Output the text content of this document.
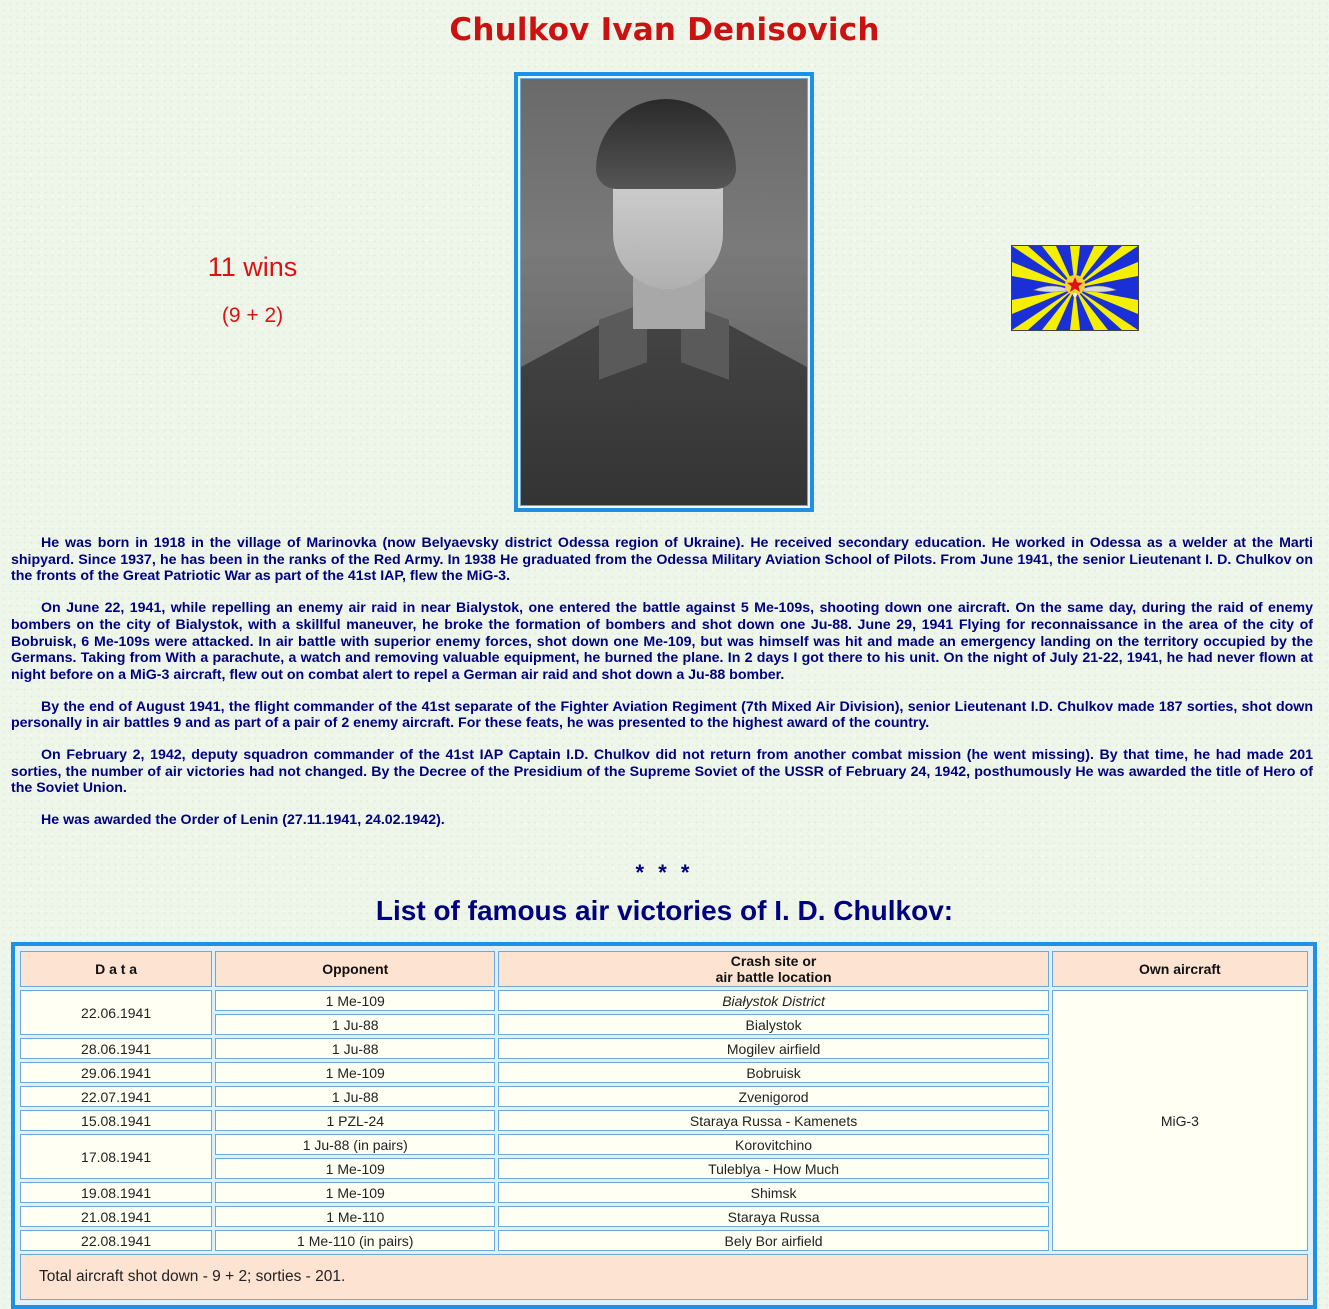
Chulkov Ivan Denisovich
11 wins
(9 + 2)

He was born in 1918 in the village of Marinovka (now Belyaevsky district Odessa region of Ukraine). He received secondary education. He worked in Odessa as a welder at the Marti shipyard. Since 1937, he has been in the ranks of the Red Army. In 1938 He graduated from the Odessa Military Aviation School of Pilots. From June 1941, the senior Lieutenant I. D. Chulkov on the fronts of the Great Patriotic War as part of the 41st IAP, flew the MiG-3.

On June 22, 1941, while repelling an enemy air raid in near Bialystok, one entered the battle against 5 Me-109s, shooting down one aircraft. On the same day, during the raid of enemy bombers on the city of Bialystok, with a skillful maneuver, he broke the formation of bombers and shot down one Ju-88. June 29, 1941 Flying for reconnaissance in the area of the city of Bobruisk, 6 Me-109s were attacked. In air battle with superior enemy forces, shot down one Me-109, but was himself was hit and made an emergency landing on the territory occupied by the Germans. Taking from With a parachute, a watch and removing valuable equipment, he burned the plane. In 2 days I got there to his unit. On the night of July 21-22, 1941, he had never flown at night before on a MiG-3 aircraft, flew out on combat alert to repel a German air raid and shot down a Ju-88 bomber.

By the end of August 1941, the flight commander of the 41st separate of the Fighter Aviation Regiment (7th Mixed Air Division), senior Lieutenant I.D. Chulkov made 187 sorties, shot down personally in air battles 9 and as part of a pair of 2 enemy aircraft. For these feats, he was presented to the highest award of the country.

On February 2, 1942, deputy squadron commander of the 41st IAP Captain I.D. Chulkov did not return from another combat mission (he went missing). By that time, he had made 201 sorties, the number of air victories had not changed. By the Decree of the Presidium of the Supreme Soviet of the USSR of February 24, 1942, posthumously He was awarded the title of Hero of the Soviet Union.

He was awarded the Order of Lenin (27.11.1941, 24.02.1942).

* * *
List of famous air victories of I. D. Chulkov:
D a t a	Opponent	Crash site or
air battle location	Own aircraft
22.06.1941	1 Me-109	Białystok District	MiG-3
	1 Ju-88	Bialystok	
28.06.1941	1 Ju-88	Mogilev airfield	
29.06.1941	1 Me-109	Bobruisk	
22.07.1941	1 Ju-88	Zvenigorod	
15.08.1941	1 PZL-24	Staraya Russa - Kamenets	
17.08.1941	1 Ju-88 (in pairs)	Korovitchino	
	1 Me-109	Tuleblya - How Much	
19.08.1941	1 Me-109	Shimsk	
21.08.1941	1 Me-110	Staraya Russa	
22.08.1941	1 Me-110 (in pairs)	Bely Bor airfield	
Total aircraft shot down - 9 + 2; sorties - 201.			
